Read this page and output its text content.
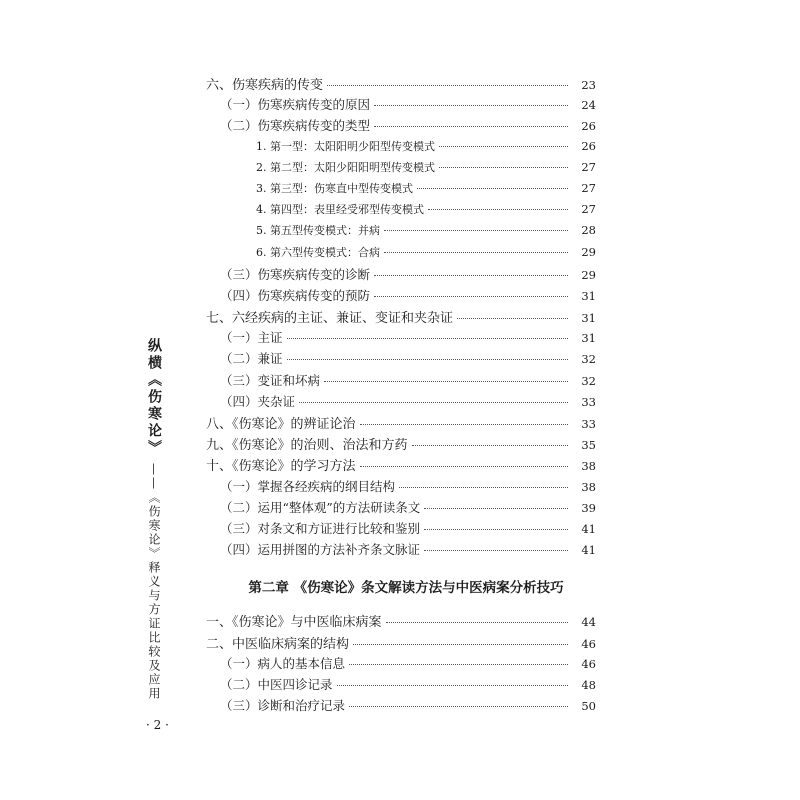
纵横《伤寒论》
——《伤寒论》释义与方证比较及应用
· 2 ·
六、伤寒疾病的传变	23
（一）伤寒疾病传变的原因	24
（二）伤寒疾病传变的类型	26
1. 第一型：太阳阳明少阳型传变模式	26
2. 第二型：太阳少阳阳明型传变模式	27
3. 第三型：伤寒直中型传变模式	27
4. 第四型：表里经受邪型传变模式	27
5. 第五型传变模式：并病	28
6. 第六型传变模式：合病	29
（三）伤寒疾病传变的诊断	29
（四）伤寒疾病传变的预防	31
七、六经疾病的主证、兼证、变证和夹杂证	31
（一）主证	31
（二）兼证	32
（三）变证和坏病	32
（四）夹杂证	33
八、《伤寒论》的辨证论治	33
九、《伤寒论》的治则、治法和方药	35
十、《伤寒论》的学习方法	38
（一）掌握各经疾病的纲目结构	38
（二）运用“整体观”的方法研读条文	39
（三）对条文和方证进行比较和鉴别	41
（四）运用拼图的方法补齐条文脉证	41
第二章 《伤寒论》条文解读方法与中医病案分析技巧
一、《伤寒论》与中医临床病案	44
二、中医临床病案的结构	46
（一）病人的基本信息	46
（二）中医四诊记录	48
（三）诊断和治疗记录	50
